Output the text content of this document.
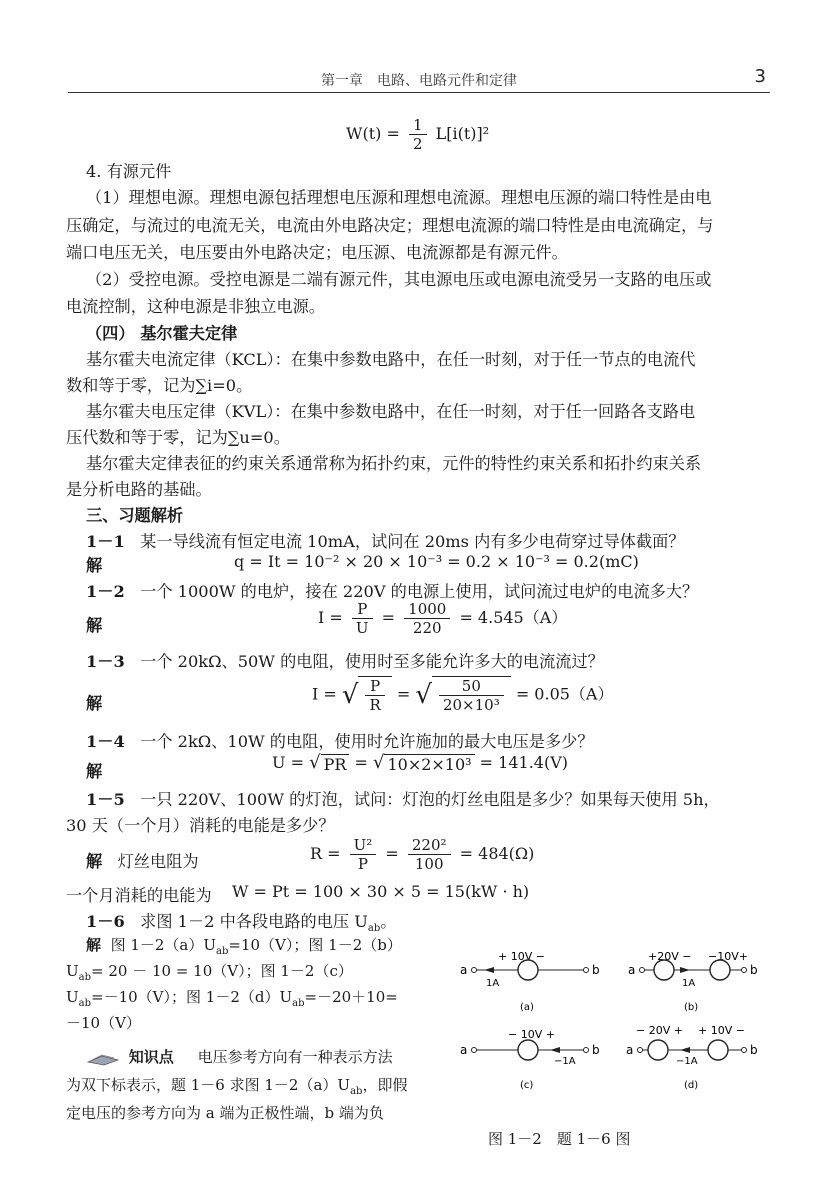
第一章　电路、电路元件和定律	3
$W(t) = \frac{1}{2} L[i(t)]^2$
4. 有源元件
（1）理想电源。理想电源包括理想电压源和理想电流源。理想电压源的端口特性是由电
压确定，与流过的电流无关，电流由外电路决定；理想电流源的端口特性是由电流确定，与
端口电压无关，电压要由外电路决定；电压源、电流源都是有源元件。
（2）受控电源。受控电源是二端有源元件，其电源电压或电源电流受另一支路的电压或
电流控制，这种电源是非独立电源。
（四） 基尔霍夫定律
基尔霍夫电流定律（KCL）：在集中参数电路中，在任一时刻，对于任一节点的电流代
数和等于零，记为∑i=0。
基尔霍夫电压定律（KVL）：在集中参数电路中，在任一时刻，对于任一回路各支路电
压代数和等于零，记为∑u=0。
基尔霍夫定律表征的约束关系通常称为拓扑约束，元件的特性约束关系和拓扑约束关系
是分析电路的基础。
三、习题解析
1－1 某一导线流有恒定电流 10mA，试问在 20ms 内有多少电荷穿过导体截面？
解	q = It = 10⁻² × 20 × 10⁻³ = 0.2 × 10⁻³ = 0.2(mC)
1－2 一个 1000W 的电炉，接在 220V 的电源上使用，试问流过电炉的电流多大？
解	$I = \frac{P}{U} = \frac{1000}{220} = 4.545(A)$
1－3 一个 20kΩ、50W 的电阻，使用时至多能允许多大的电流流过？
解	I = √ $\frac{P}{R}$ = √ $\frac{50}{\text{20×10³}} = 0.05(A)$
1－4 一个 2kΩ、10W 的电阻，使用时允许施加的最大电压是多少？
解	U = √ PR = √ 10×2×10³ = 141.4(V)
1－5 一只 220V、100W 的灯泡，试问：灯泡的灯丝电阻是多少？如果每天使用 5h，
30 天（一个月）消耗的电能是多少？
解 灯丝电阻为	$R = \frac{\text{U²}}{P} = \frac{\text{220²}}{100} = 484(\Omega)$
一个月消耗的电能为 W = Pt = 100 × 30 × 5 = 15(kW · h)
1－6 求图 1－2 中各段电路的电压 $U_{ab}$。
解 图 $1-2(a)U_{ab}=10(V)$；图 1－2（b）
$U_{ab}= 20 - 10 = 10(V)$；图 1－2（c）
$U_{ab}=-10(V)$；图 $1-2(d)U_{ab}=-20+10=$
－10（V）
知识点 电压参考方向有一种表示方法
为双下标表示，题 1－6 求图 $1-2(a)U_{ab}$，即假
定电压的参考方向为 a 端为正极性端，b 端为负
+ 10V −
a	b
1A
(a)
+20V − −10V+
a	b
1A
(b)
− 10V +
a	b
−1A
(c)
− 20V + + 10V −
a	b
−1A
(d)
图 1－2　题 1－6 图
